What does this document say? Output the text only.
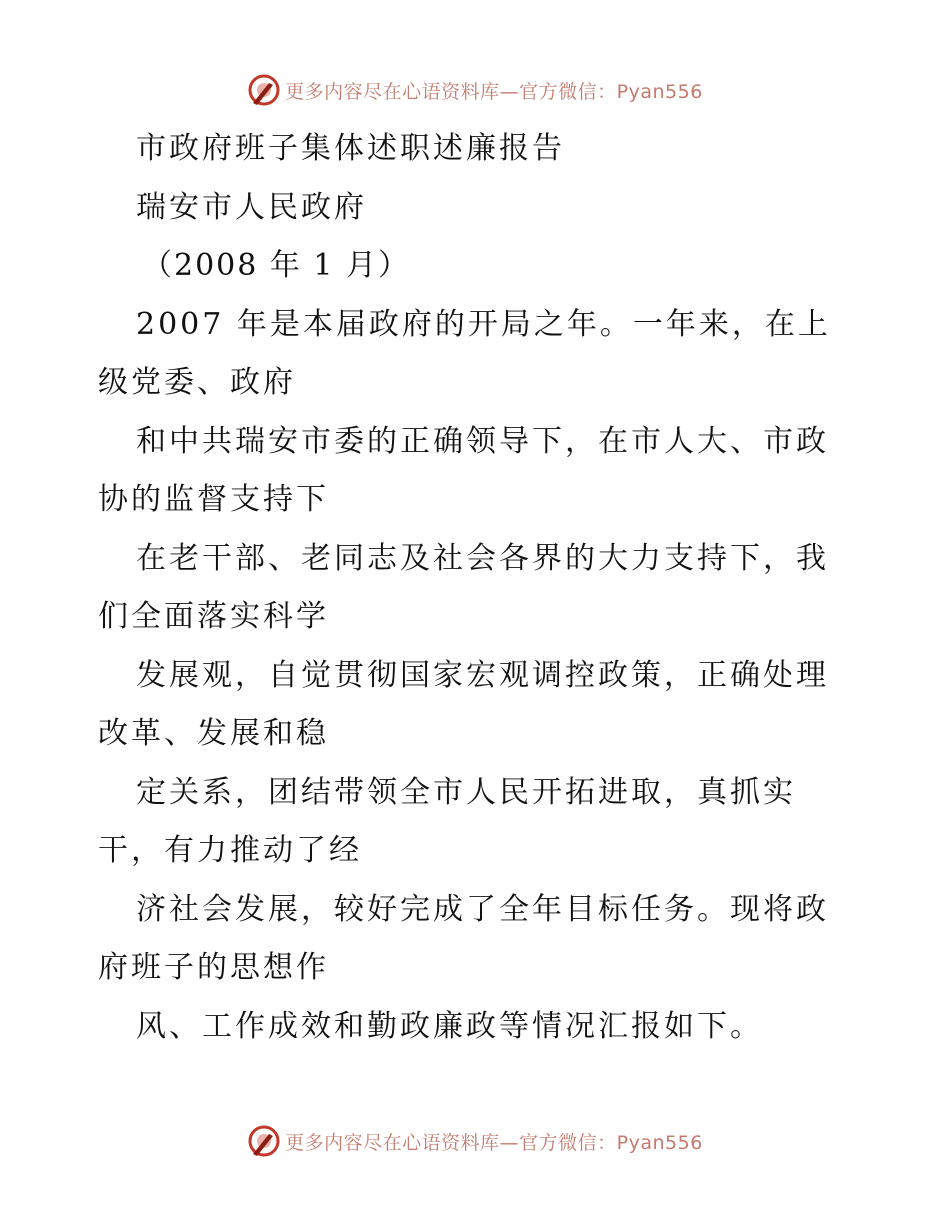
更多内容尽在心语资料库—官方微信：Pyan556
市政府班子集体述职述廉报告
瑞安市人民政府
（2008 年 1 月）
2007 年是本届政府的开局之年。一年来，在上
级党委、政府
和中共瑞安市委的正确领导下，在市人大、市政
协的监督支持下
在老干部、老同志及社会各界的大力支持下，我
们全面落实科学
发展观，自觉贯彻国家宏观调控政策，正确处理
改革、发展和稳
定关系，团结带领全市人民开拓进取，真抓实
干，有力推动了经
济社会发展，较好完成了全年目标任务。现将政
府班子的思想作
风、工作成效和勤政廉政等情况汇报如下。
更多内容尽在心语资料库—官方微信：Pyan556
